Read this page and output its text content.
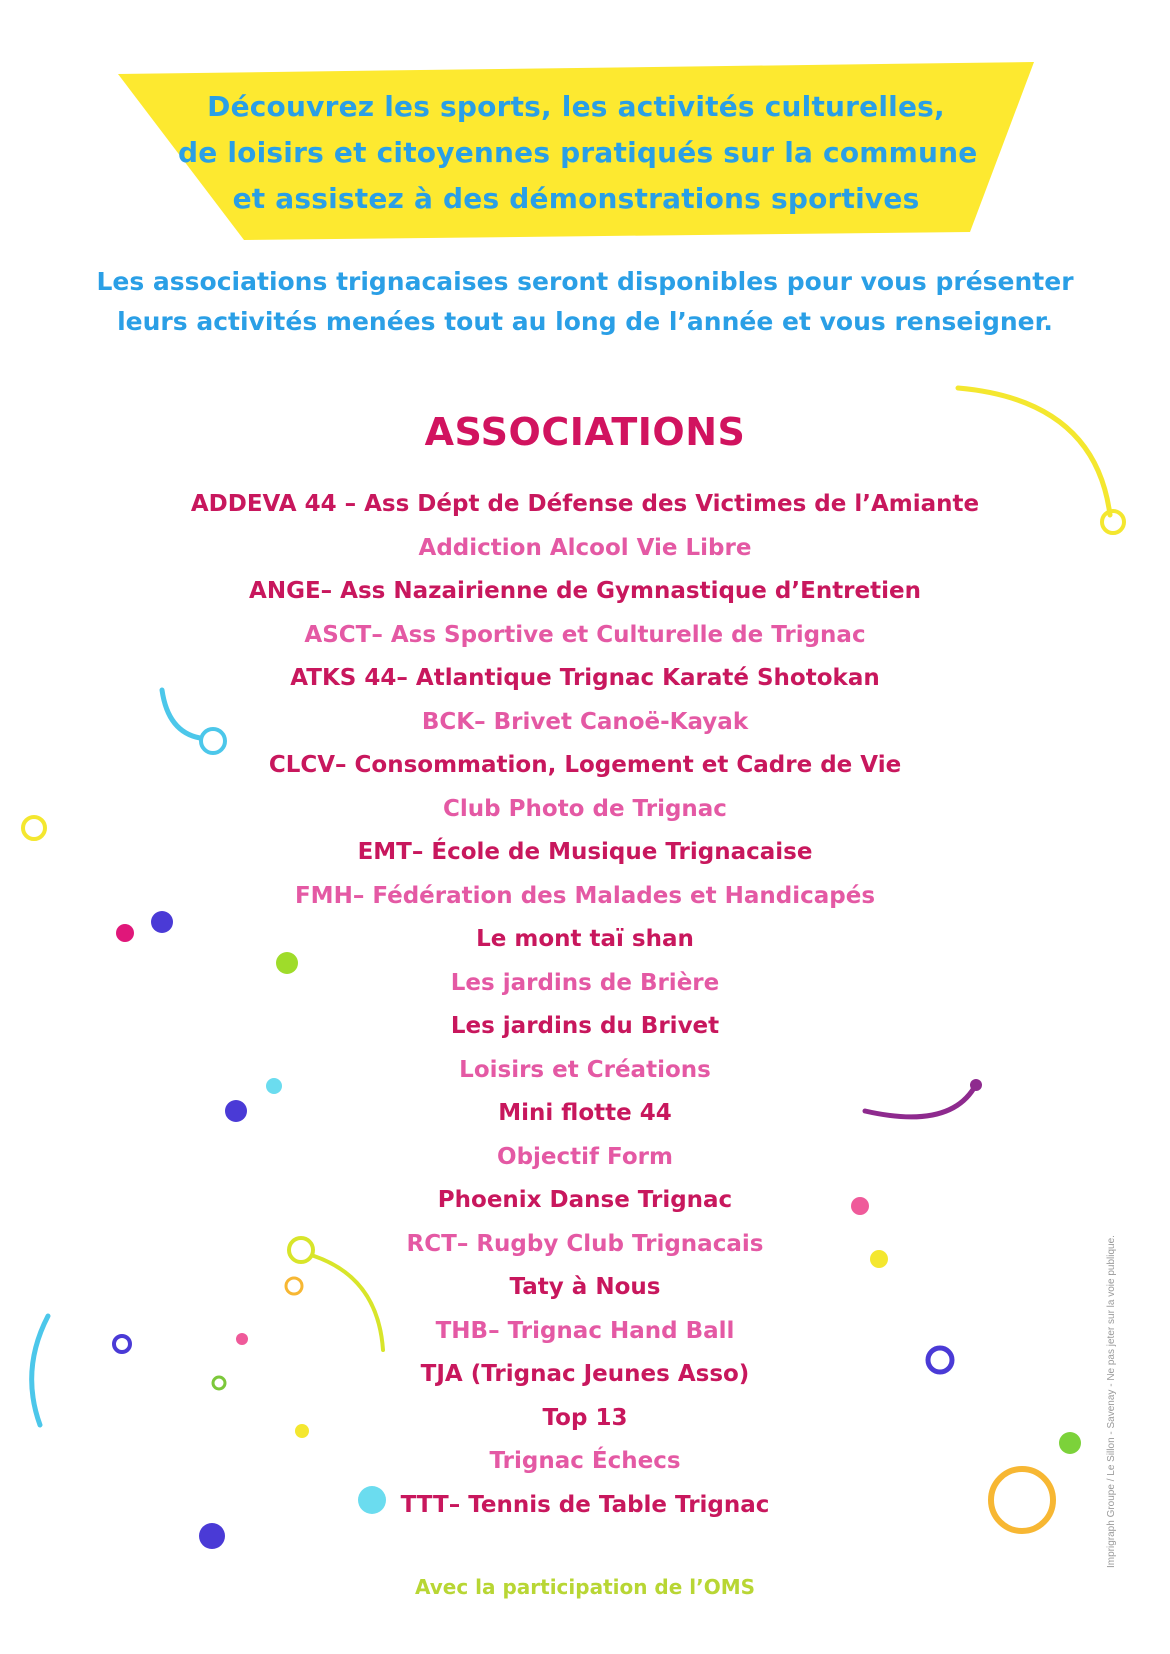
Découvrez les sports, les activités culturelles,
de loisirs et citoyennes pratiqués sur la commune
et assistez à des démonstrations sportives
Les associations trignacaises seront disponibles pour vous présenter
leurs activités menées tout au long de l’année et vous renseigner.
ASSOCIATIONS
ADDEVA 44 – Ass Dépt de Défense des Victimes de l’Amiante
Addiction Alcool Vie Libre
ANGE– Ass Nazairienne de Gymnastique d’Entretien
ASCT– Ass Sportive et Culturelle de Trignac
ATKS 44– Atlantique Trignac Karaté Shotokan
BCK– Brivet Canoë-Kayak
CLCV– Consommation, Logement et Cadre de Vie
Club Photo de Trignac
EMT– École de Musique Trignacaise
FMH– Fédération des Malades et Handicapés
Le mont taï shan
Les jardins de Brière
Les jardins du Brivet
Loisirs et Créations
Mini flotte 44
Objectif Form
Phoenix Danse Trignac
RCT– Rugby Club Trignacais
Taty à Nous
THB– Trignac Hand Ball
TJA (Trignac Jeunes Asso)
Top 13
Trignac Échecs
TTT– Tennis de Table Trignac
Avec la participation de l’OMS
Imprigraph Groupe / Le Sillon - Savenay - Ne pas jeter sur la voie publique.
